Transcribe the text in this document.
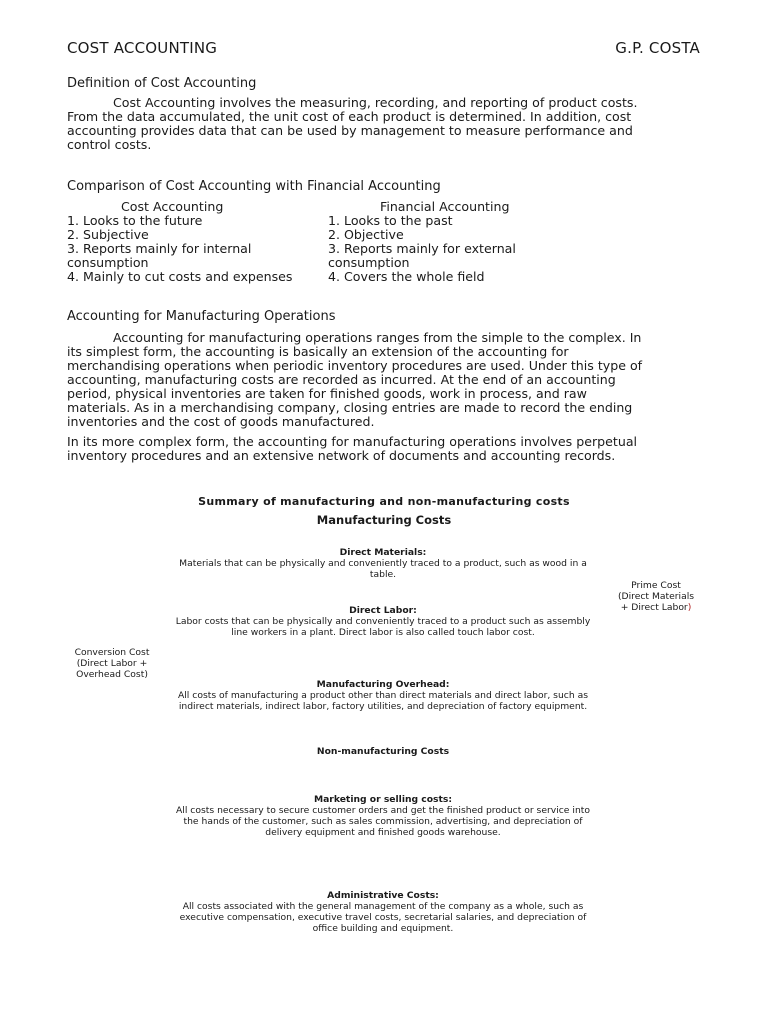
COST ACCOUNTING	G.P. COSTA
Definition of Cost Accounting
Cost Accounting involves the measuring, recording, and reporting of product costs.
From the data accumulated, the unit cost of each product is determined. In addition, cost
accounting provides data that can be used by management to measure performance and
control costs.
Comparison of Cost Accounting with Financial Accounting
Cost Accounting
1. Looks to the future
2. Subjective
3. Reports mainly for internal
consumption
4. Mainly to cut costs and expenses
Financial Accounting
1. Looks to the past
2. Objective
3. Reports mainly for external
consumption
4. Covers the whole field
Accounting for Manufacturing Operations
Accounting for manufacturing operations ranges from the simple to the complex. In
its simplest form, the accounting is basically an extension of the accounting for
merchandising operations when periodic inventory procedures are used. Under this type of
accounting, manufacturing costs are recorded as incurred. At the end of an accounting
period, physical inventories are taken for finished goods, work in process, and raw
materials. As in a merchandising company, closing entries are made to record the ending
inventories and the cost of goods manufactured.
In its more complex form, the accounting for manufacturing operations involves perpetual
inventory procedures and an extensive network of documents and accounting records.
Summary of manufacturing and non-manufacturing costs
Manufacturing Costs
Direct Materials:
Materials that can be physically and conveniently traced to a product, such as wood in a
table.
Prime Cost
(Direct Materials
+ Direct Labor)
Direct Labor:
Labor costs that can be physically and conveniently traced to a product such as assembly
line workers in a plant. Direct labor is also called touch labor cost.
Conversion Cost
(Direct Labor +
Overhead Cost)
Manufacturing Overhead:
All costs of manufacturing a product other than direct materials and direct labor, such as
indirect materials, indirect labor, factory utilities, and depreciation of factory equipment.
Non-manufacturing Costs
Marketing or selling costs:
All costs necessary to secure customer orders and get the finished product or service into
the hands of the customer, such as sales commission, advertising, and depreciation of
delivery equipment and finished goods warehouse.
Administrative Costs:
All costs associated with the general management of the company as a whole, such as
executive compensation, executive travel costs, secretarial salaries, and depreciation of
office building and equipment.
